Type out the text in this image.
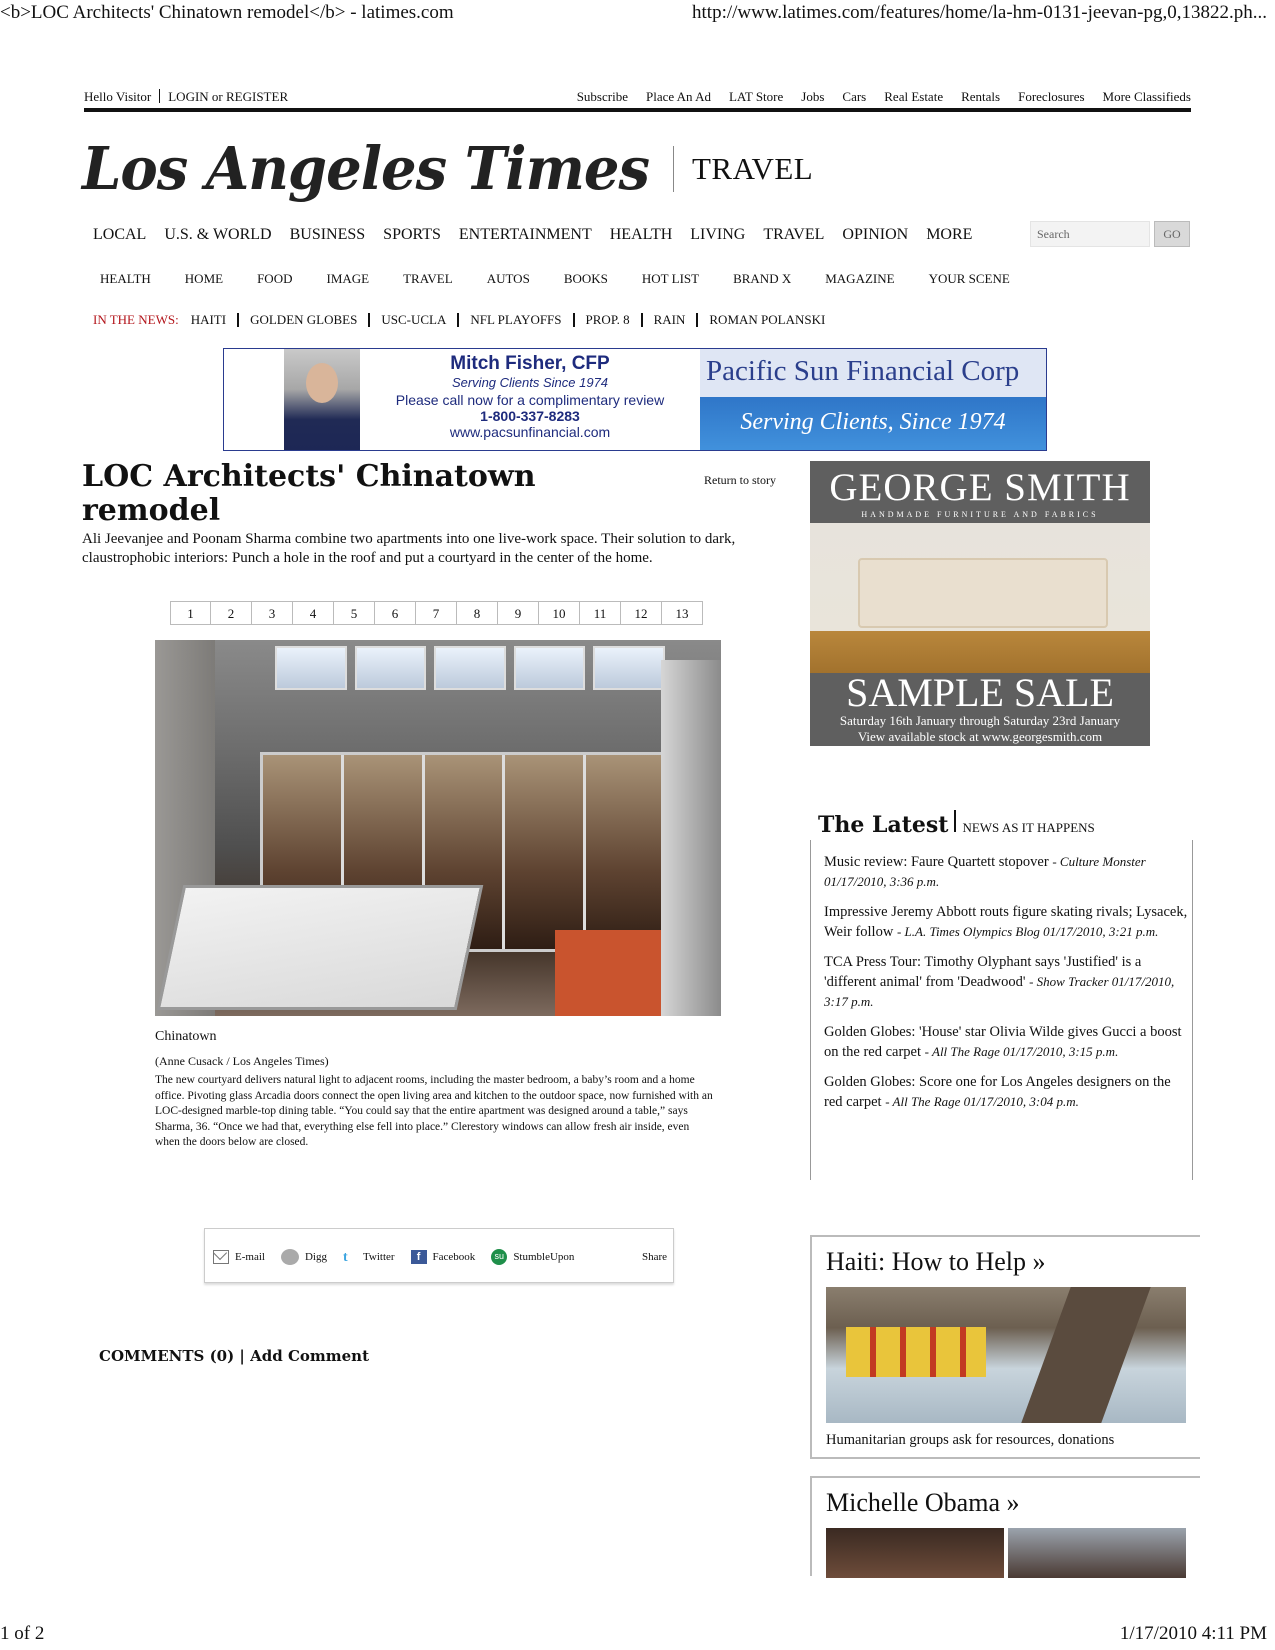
<b>LOC Architects' Chinatown remodel</b> - latimes.com	http://www.latimes.com/features/home/la-hm-0131-jeevan-pg,0,13822.ph...
Hello Visitor LOGIN or REGISTER	Subscribe Place An Ad LAT Store Jobs Cars Real Estate Rentals Foreclosures More Classifieds
Los Angeles Times TRAVEL
LOCAL U.S. & WORLD BUSINESS SPORTS ENTERTAINMENT HEALTH LIVING TRAVEL OPINION MORE	Search	GO
HEALTH	HOME	FOOD	IMAGE	TRAVEL	AUTOS	BOOKS	HOT LIST	BRAND X	MAGAZINE	YOUR SCENE
IN THE NEWS: HAITI GOLDEN GLOBES USC-UCLA NFL PLAYOFFS PROP. 8 RAIN ROMAN POLANSKI
Mitch Fisher, CFP
Serving Clients Since 1974
Please call now for a complimentary review
1-800-337-8283
www.pacsunfinancial.com
Pacific Sun Financial Corp
Serving Clients, Since 1974
LOC Architects' Chinatown remodel
Return to story

Ali Jeevanjee and Poonam Sharma combine two apartments into one live-work space. Their solution to dark, claustrophobic interiors: Punch a hole in the roof and put a courtyard in the center of the home.

1	2	3	4	5	6	7	8	9	10	11	12	13
Chinatown
(Anne Cusack / Los Angeles Times)
The new courtyard delivers natural light to adjacent rooms, including the master bedroom, a baby’s room and a home office. Pivoting glass Arcadia doors connect the open living area and kitchen to the outdoor space, now furnished with an LOC-designed marble-top dining table. “You could say that the entire apartment was designed around a table,” says Sharma, 36. “Once we had that, everything else fell into place.” Clerestory windows can allow fresh air inside, even when the doors below are closed.
E-mail	Digg t	Twitter	f	Facebook	su StumbleUpon	Share
COMMENTS (0) | Add Comment
GEORGE SMITH
HANDMADE FURNITURE AND FABRICS
SAMPLE SALE
Saturday 16th January through Saturday 23rd January
View available stock at www.georgesmith.com
The Latest NEWS AS IT HAPPENS
Music review: Faure Quartett stopover - Culture Monster 01/17/2010, 3:36 p.m.
Impressive Jeremy Abbott routs figure skating rivals; Lysacek, Weir follow - L.A. Times Olympics Blog 01/17/2010, 3:21 p.m.
TCA Press Tour: Timothy Olyphant says 'Justified' is a 'different animal' from 'Deadwood' - Show Tracker 01/17/2010, 3:17 p.m.
Golden Globes: 'House' star Olivia Wilde gives Gucci a boost on the red carpet - All The Rage 01/17/2010, 3:15 p.m.
Golden Globes: Score one for Los Angeles designers on the red carpet - All The Rage 01/17/2010, 3:04 p.m.
Haiti: How to Help »
Humanitarian groups ask for resources, donations
Michelle Obama »
1 of 2	1/17/2010 4:11 PM
